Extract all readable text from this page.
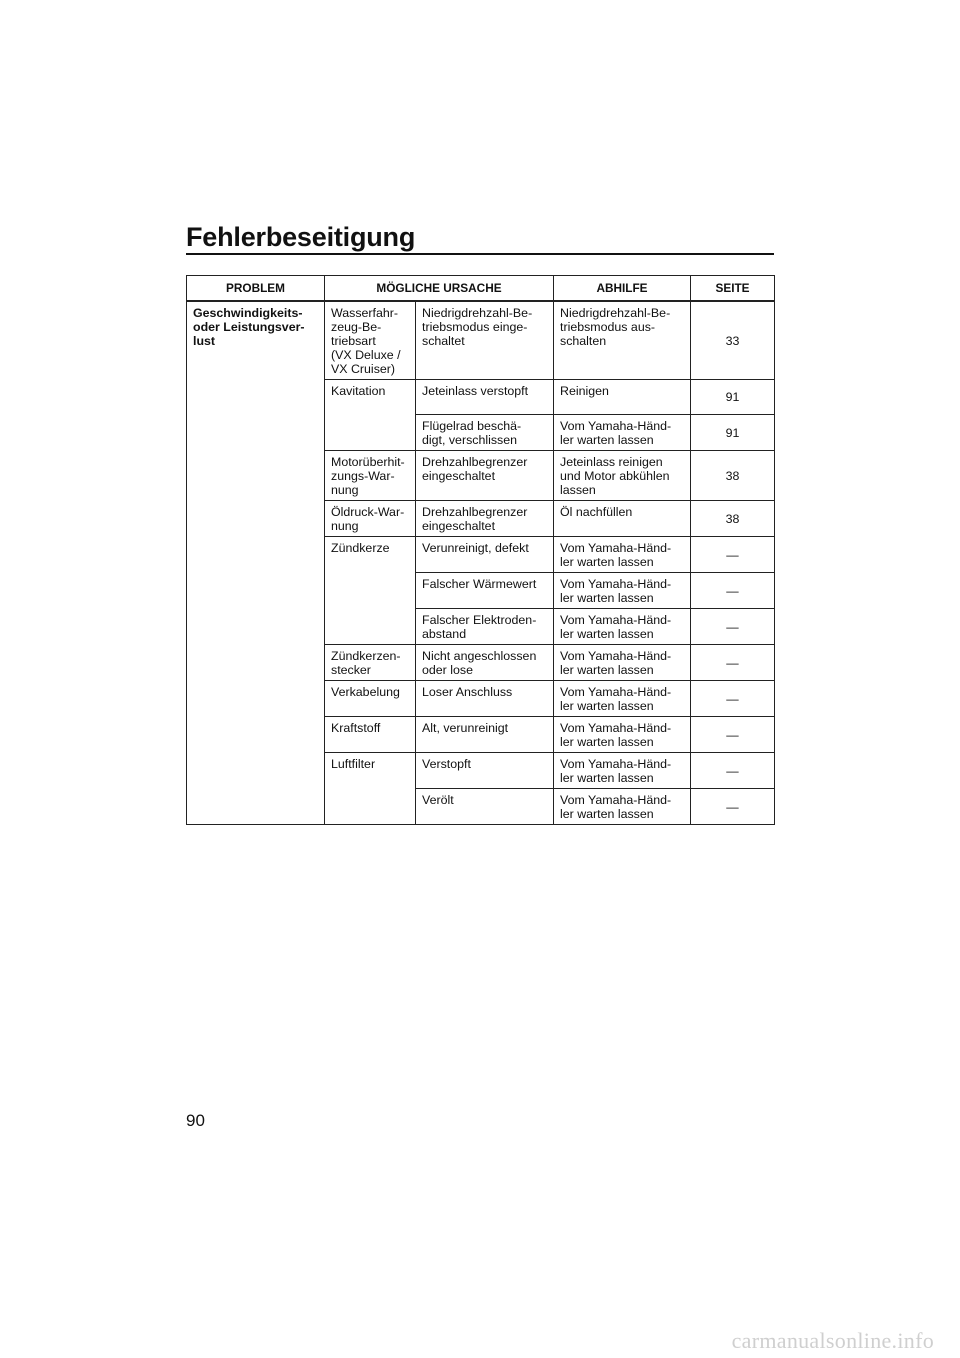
Fehlerbeseitigung
PROBLEM	MÖGLICHE URSACHE		ABHILFE	SEITE
Geschwindigkeits-
oder Leistungsver-
lust	Wasserfahr-
zeug-Be-
triebsart
(VX Deluxe /
VX Cruiser)	Niedrigdrehzahl-Be-
triebsmodus einge-
schaltet	Niedrigdrehzahl-Be-
triebsmodus aus-
schalten	33
	Kavitation	Jeteinlass verstopft	Reinigen	91
		Flügelrad beschä-
digt, verschlissen	Vom Yamaha-Händ-
ler warten lassen	91
	Motorüberhit-
zungs-War-
nung	Drehzahlbegrenzer
eingeschaltet	Jeteinlass reinigen
und Motor abkühlen
lassen	38
	Öldruck-War-
nung	Drehzahlbegrenzer
eingeschaltet	Öl nachfüllen	38
	Zündkerze	Verunreinigt, defekt	Vom Yamaha-Händ-
ler warten lassen	—
		Falscher Wärmewert	Vom Yamaha-Händ-
ler warten lassen	—
		Falscher Elektroden-
abstand	Vom Yamaha-Händ-
ler warten lassen	—
	Zündkerzen-
stecker	Nicht angeschlossen
oder lose	Vom Yamaha-Händ-
ler warten lassen	—
	Verkabelung	Loser Anschluss	Vom Yamaha-Händ-
ler warten lassen	—
	Kraftstoff	Alt, verunreinigt	Vom Yamaha-Händ-
ler warten lassen	—
	Luftfilter	Verstopft	Vom Yamaha-Händ-
ler warten lassen	—
		Verölt	Vom Yamaha-Händ-
ler warten lassen	—
90
carmanualsonline.info
